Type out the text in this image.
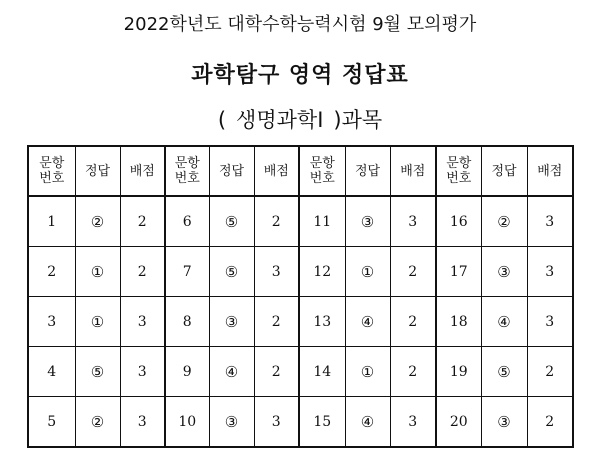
2022학년도 대학수학능력시험 9월 모의평가
과학탐구 영역 정답표
( 생명과학Ⅰ )과목
문항
번호	정답	배점	문항
번호	정답	배점	문항
번호	정답	배점	문항
번호	정답	배점
1	②	2	6	⑤	2	11	③	3	16	②	3
2	①	2	7	⑤	3	12	①	2	17	③	3
3	①	3	8	③	2	13	④	2	18	④	3
4	⑤	3	9	④	2	14	①	2	19	⑤	2
5	②	3	10	③	3	15	④	3	20	③	2
